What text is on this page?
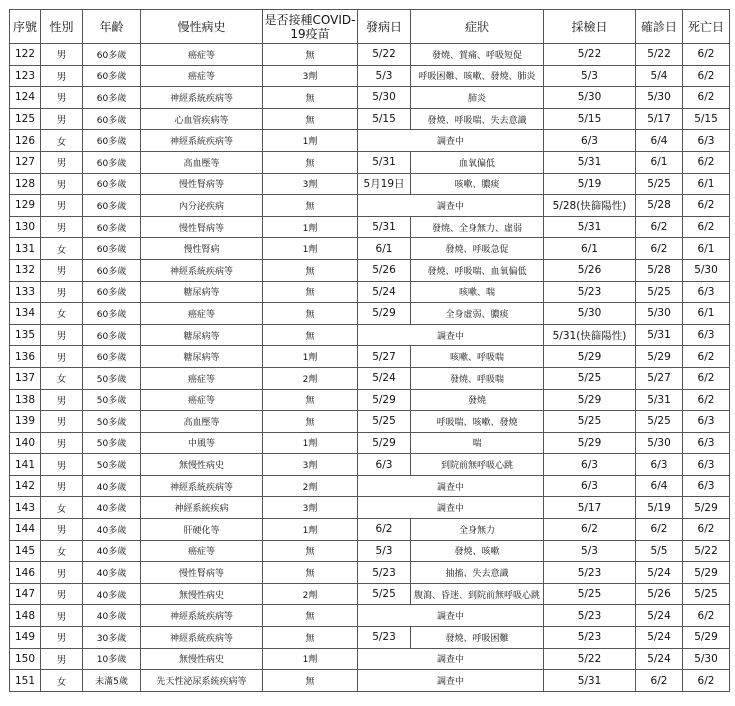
序號	性別	年齡	慢性病史	是否接種COVID-19疫苗	發病日	症狀	採檢日	確診日	死亡日
122	男	60多歲	癌症等	無	5/22	發燒、賀痛、呼吸短促	5/22	5/22	6/2
123	男	60多歲	癌症等	3劑	5/3	呼吸困難、咳嗽、發燒、肺炎	5/3	5/4	6/2
124	男	60多歲	神經系統疾病等	無	5/30	肺炎	5/30	5/30	6/2
125	男	60多歲	心血管疾病等	無	5/15	發燒、呼吸喘、失去意識	5/15	5/17	5/15
126	女	60多歲	神經系統疾病等	1劑	調查中		6/3	6/4	6/3
127	男	60多歲	高血壓等	無	5/31	血氧偏低	5/31	6/1	6/2
128	男	60多歲	慢性腎病等	3劑	5月19日	咳嗽、膿痰	5/19	5/25	6/1
129	男	60多歲	內分泌疾病	無	調查中		5/28(快篩陽性)	5/28	6/2
130	男	60多歲	慢性腎病等	1劑	5/31	發燒、全身無力、虛弱	5/31	6/2	6/2
131	女	60多歲	慢性腎病	1劑	6/1	發燒、呼吸急促	6/1	6/2	6/1
132	男	60多歲	神經系統疾病等	無	5/26	發燒、呼吸喘、血氧偏低	5/26	5/28	5/30
133	男	60多歲	糖尿病等	無	5/24	咳嗽、喘	5/23	5/25	6/3
134	女	60多歲	癌症等	無	5/29	全身虛弱、膿痰	5/30	5/30	6/1
135	男	60多歲	糖尿病等	無	調查中		5/31(快篩陽性)	5/31	6/3
136	男	60多歲	糖尿病等	1劑	5/27	咳嗽、呼吸喘	5/29	5/29	6/2
137	女	50多歲	癌症等	2劑	5/24	發燒、呼吸喘	5/25	5/27	6/2
138	男	50多歲	癌症等	無	5/29	發燒	5/29	5/31	6/2
139	男	50多歲	高血壓等	無	5/25	呼吸喘、咳嗽、發燒	5/25	5/25	6/3
140	男	50多歲	中風等	1劑	5/29	喘	5/29	5/30	6/3
141	男	50多歲	無慢性病史	3劑	6/3	到院前無呼吸心跳	6/3	6/3	6/3
142	男	40多歲	神經系統疾病等	2劑	調查中		6/3	6/4	6/3
143	女	40多歲	神經系統疾病	3劑	調查中		5/17	5/19	5/29
144	男	40多歲	肝硬化等	1劑	6/2	全身無力	6/2	6/2	6/2
145	女	40多歲	癌症等	無	5/3	發燒、咳嗽	5/3	5/5	5/22
146	男	40多歲	慢性腎病等	無	5/23	抽搐、失去意識	5/23	5/24	5/29
147	男	40多歲	無慢性病史	2劑	5/25	腹瀉、昏迷、到院前無呼吸心跳	5/25	5/26	5/25
148	男	40多歲	神經系統疾病等	無	調查中		5/23	5/24	6/2
149	男	30多歲	神經系統疾病等	無	5/23	發燒、呼吸困難	5/23	5/24	5/29
150	男	10多歲	無慢性病史	1劑	調查中		5/22	5/24	5/30
151	女	未滿5歲	先天性泌尿系統疾病等	無	調查中		5/31	6/2	6/2
